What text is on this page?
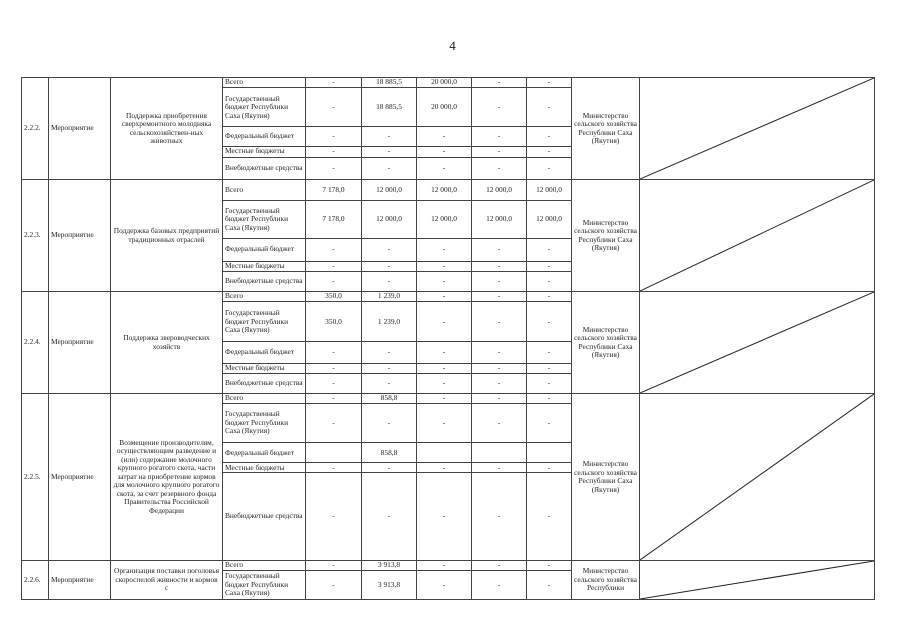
4
2.2.2.	Мероприятие	Поддержка приобретения сверхремонтного молодняка сельскохозяйствен-ных животных	Всего	-	18 885,5	20 000,0	-	-	Министерство сельского хозяйства Республики Саха (Якутия)	

			Государственный бюджет Республики Саха (Якутия)	-	18 885,5	20 000,0	-	-		
			Федеральный бюджет	-	-	-	-	-		
			Местные бюджеты	-	-	-	-	-		
			Внебюджетные средства	-	-	-	-	-		
2.2.3.	Мероприятие	Поддержка базовых предприятий традиционных отраслей	Всего	7 178,0	12 000,0	12 000,0	12 000,0	12 000,0	Министерство сельского хозяйства Республики Саха (Якутия)	

			Государственный бюджет Республики Саха (Якутия)	7 178,0	12 000,0	12 000,0	12 000,0	12 000,0		
			Федеральный бюджет	-	-	-	-	-		
			Местные бюджеты	-	-	-	-	-		
			Внебюджетные средства	-	-	-	-	-		
2.2.4.	Мероприятие	Поддержка звероводческих хозяйств	Всего	350,0	1 239,0	-	-	-	Министерство сельского хозяйства Республики Саха (Якутия)	

			Государственный бюджет Республики Саха (Якутия)	350,0	1 239,0	-	-	-		
			Федеральный бюджет	-	-	-	-	-		
			Местные бюджеты	-	-	-	-	-		
			Внебюджетные средства	-	-	-	-	-		
2.2.5.	Мероприятие	Возмещение производителям, осуществляющим разведение и (или) содержание молочного крупного рогатого скота, части затрат на приобретение кормов для молочного крупного рогатого скота, за счет резервного фонда Правительства Российской Федерации	Всего	-	858,8	-	-	-	Министерство сельского хозяйства Республики Саха (Якутия)	

			Государственный бюджет Республики Саха (Якутия)	-	-	-	-	-		
			Федеральный бюджет		858,8					
			Местные бюджеты	-	-	-	-	-		
			Внебюджетные средства	-	-	-	-	-		
2.2.6.	Мероприятие	Организация поставки поголовья скороспелой живности и кормов с	Всего	-	3 913,8	-	-	-	Министерство сельского хозяйства Республики	

			Государственный бюджет Республики Саха (Якутия)	-	3 913,8	-	-	-		
